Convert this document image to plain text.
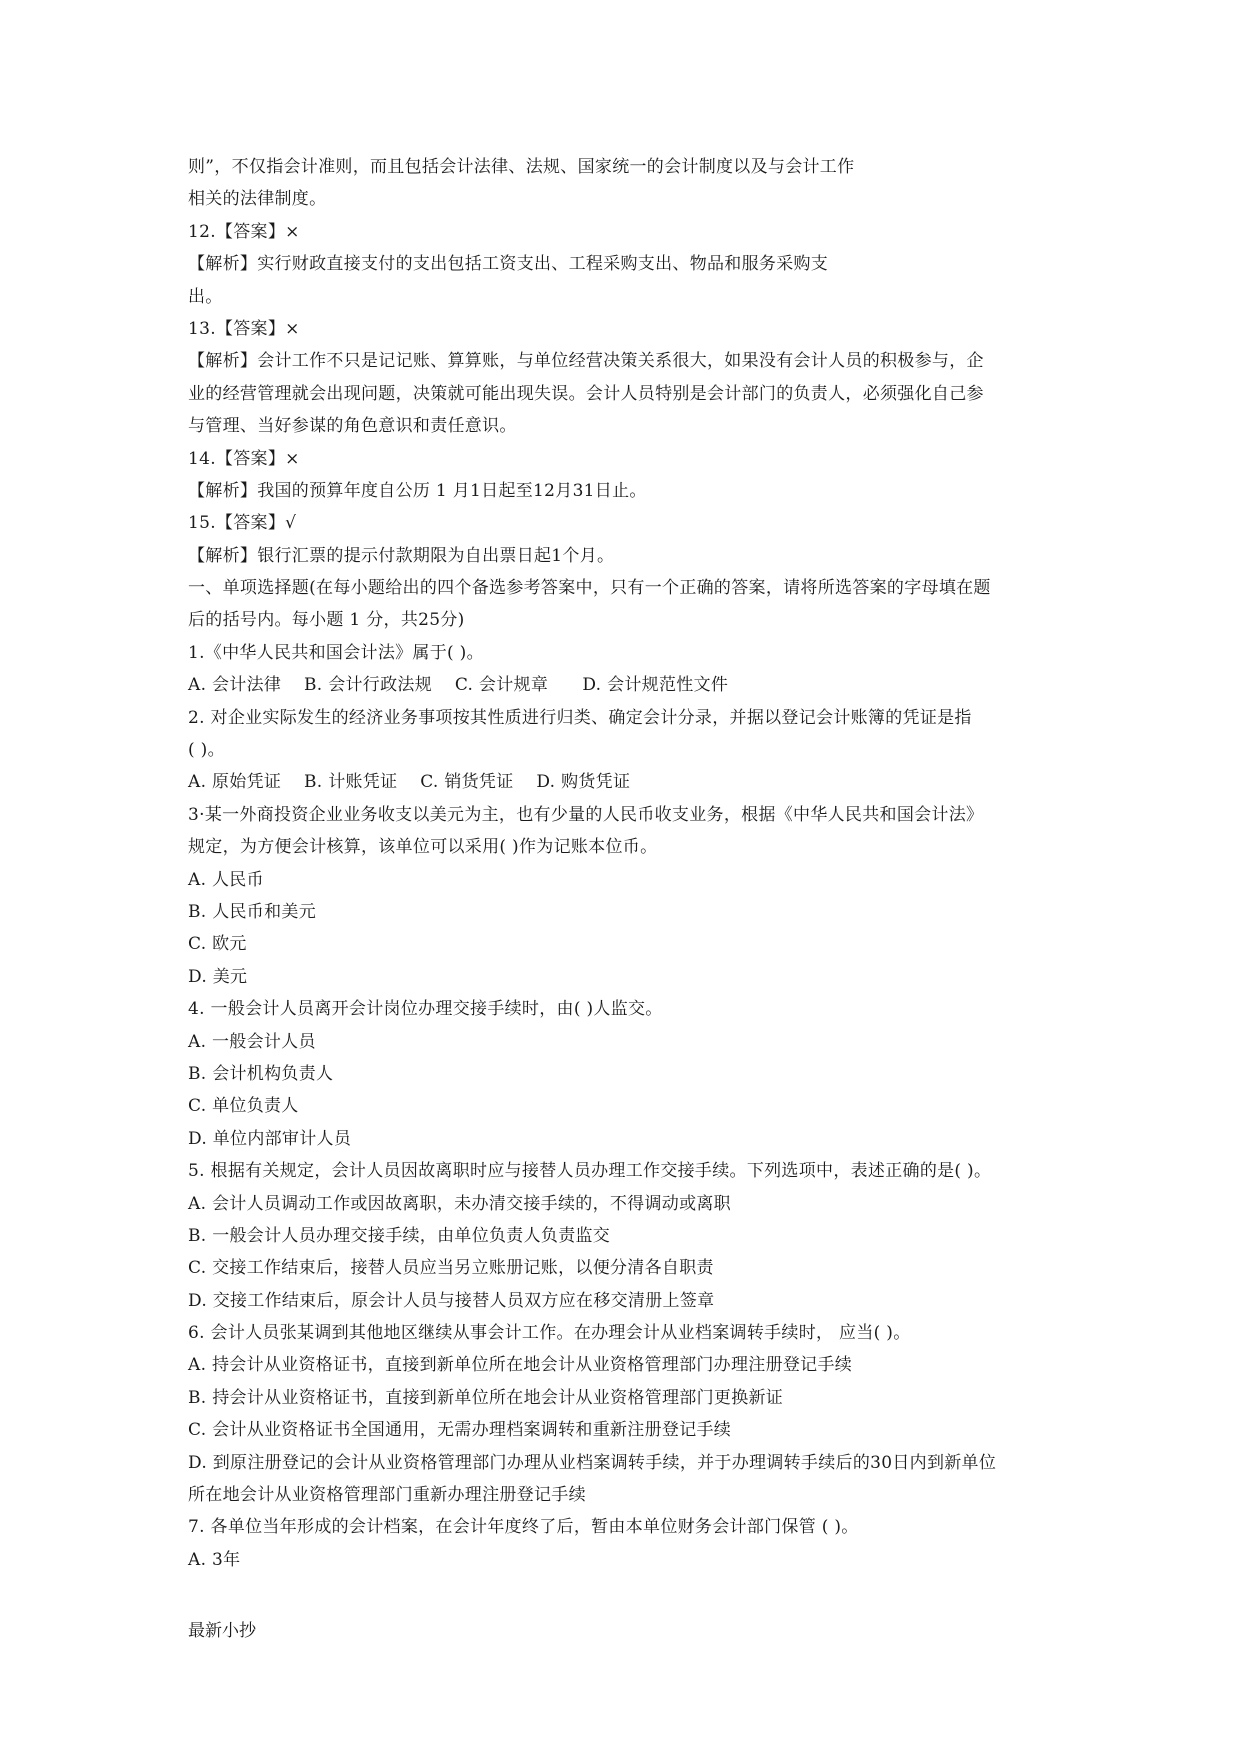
则”，不仅指会计准则，而且包括会计法律、法规、国家统一的会计制度以及与会计工作
相关的法律制度。
12.【答案】×
【解析】实行财政直接支付的支出包括工资支出、工程采购支出、物品和服务采购支
出。
13.【答案】×
【解析】会计工作不只是记记账、算算账，与单位经营决策关系很大，如果没有会计人员的积极参与，企
业的经营管理就会出现问题，决策就可能出现失误。会计人员特别是会计部门的负责人，必须强化自己参
与管理、当好参谋的角色意识和责任意识。
14.【答案】×
【解析】我国的预算年度自公历 1 月1日起至12月31日止。
15.【答案】√
【解析】银行汇票的提示付款期限为自出票日起1个月。
一、单项选择题(在每小题给出的四个备选参考答案中，只有一个正确的答案，请将所选答案的字母填在题
后的括号内。每小题 1 分，共25分)
1.《中华人民共和国会计法》属于( )。
A. 会计法律    B. 会计行政法规    C. 会计规章      D. 会计规范性文件
2. 对企业实际发生的经济业务事项按其性质进行归类、确定会计分录，并据以登记会计账簿的凭证是指
( )。
A. 原始凭证    B. 计账凭证    C. 销货凭证    D. 购货凭证
3·某一外商投资企业业务收支以美元为主，也有少量的人民币收支业务，根据《中华人民共和国会计法》
规定，为方便会计核算，该单位可以采用( )作为记账本位币。
A. 人民币
B. 人民币和美元
C. 欧元
D. 美元
4. 一般会计人员离开会计岗位办理交接手续时，由( )人监交。
A. 一般会计人员
B. 会计机构负责人
C. 单位负责人
D. 单位内部审计人员
5. 根据有关规定，会计人员因故离职时应与接替人员办理工作交接手续。下列选项中，表述正确的是( )。
A. 会计人员调动工作或因故离职，未办清交接手续的，不得调动或离职
B. 一般会计人员办理交接手续，由单位负责人负责监交
C. 交接工作结束后，接替人员应当另立账册记账，以便分清各自职责
D. 交接工作结束后，原会计人员与接替人员双方应在移交清册上签章
6. 会计人员张某调到其他地区继续从事会计工作。在办理会计从业档案调转手续时， 应当( )。
A. 持会计从业资格证书，直接到新单位所在地会计从业资格管理部门办理注册登记手续
B. 持会计从业资格证书，直接到新单位所在地会计从业资格管理部门更换新证
C. 会计从业资格证书全国通用，无需办理档案调转和重新注册登记手续
D. 到原注册登记的会计从业资格管理部门办理从业档案调转手续，并于办理调转手续后的30日内到新单位
所在地会计从业资格管理部门重新办理注册登记手续
7. 各单位当年形成的会计档案，在会计年度终了后，暂由本单位财务会计部门保管 ( )。
A. 3年
最新小抄
